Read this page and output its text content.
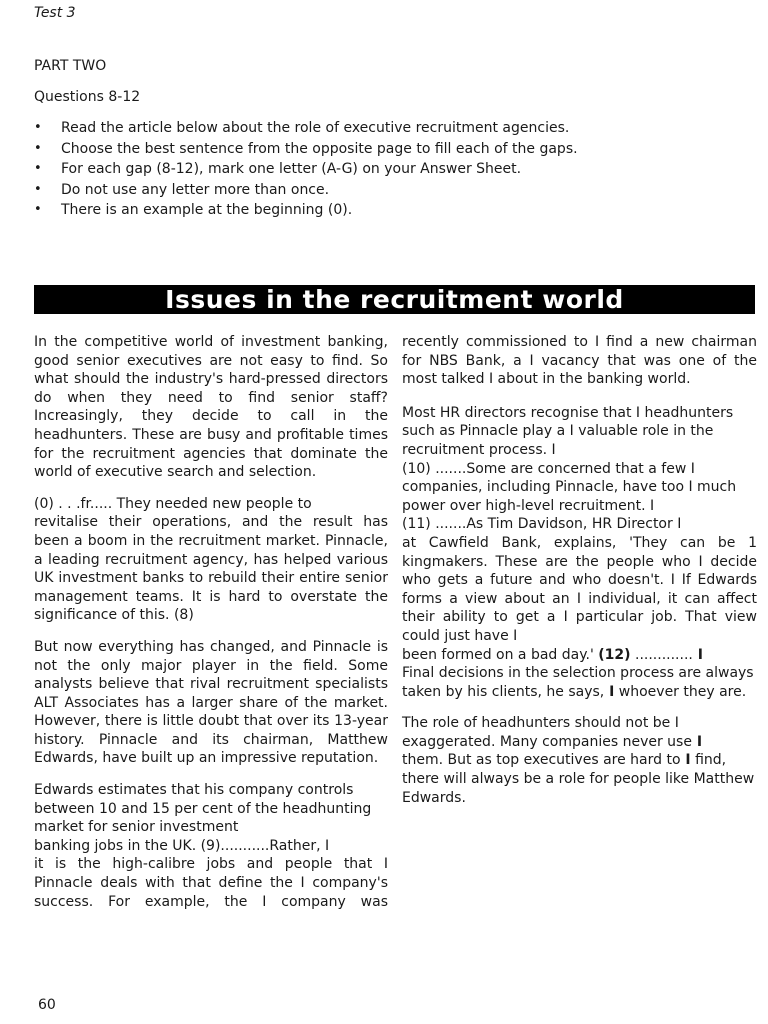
Test 3
PART TWO
Questions 8-12
• Read the article below about the role of executive recruitment agencies.
• Choose the best sentence from the opposite page to fill each of the gaps.
• For each gap (8-12), mark one letter (A-G) on your Answer Sheet.
• Do not use any letter more than once.
• There is an example at the beginning (0).
Issues in the recruitment world

In the competitive world of investment banking, good senior executives are not easy to find. So what should the industry's hard-pressed directors do when they need to find senior staff? Increasingly, they decide to call in the headhunters. These are busy and profitable times for the recruitment agencies that dominate the world of executive search and selection.

(0) . . .fr..... They needed new people to
revitalise their operations, and the result has been a boom in the recruitment market. Pinnacle, a leading recruitment agency, has helped various UK investment banks to rebuild their entire senior management teams. It is hard to overstate the significance of this. (8)

But now everything has changed, and Pinnacle is not the only major player in the field. Some analysts believe that rival recruitment specialists ALT Associates has a larger share of the market. However, there is little doubt that over its 13-year history. Pinnacle and its chairman, Matthew Edwards, have built up an impressive reputation.

Edwards estimates that his company controls between 10 and 15 per cent of the headhunting market for senior investment
banking jobs in the UK. (9)...........Rather, I
it is the high-calibre jobs and people that I Pinnacle deals with that define the I company's success. For example, the I company was

recently commissioned to I find a new chairman for NBS Bank, a I vacancy that was one of the most talked I about in the banking world.

Most HR directors recognise that I headhunters such as Pinnacle play a I valuable role in the recruitment process. I
(10) .......Some are concerned that a few I companies, including Pinnacle, have too I much power over high-level recruitment. I
(11) .......As Tim Davidson, HR Director I
at Cawfield Bank, explains, 'They can be 1 kingmakers. These are the people who I decide who gets a future and who doesn't. I If Edwards forms a view about an I individual, it can affect their ability to get a I particular job. That view could just have I
been formed on a bad day.' (12) ............. I
Final decisions in the selection process are always taken by his clients, he says, I whoever they are.

The role of headhunters should not be I
exaggerated. Many companies never use I
them. But as top executives are hard to I find,
there will always be a role for people like Matthew Edwards.

60
